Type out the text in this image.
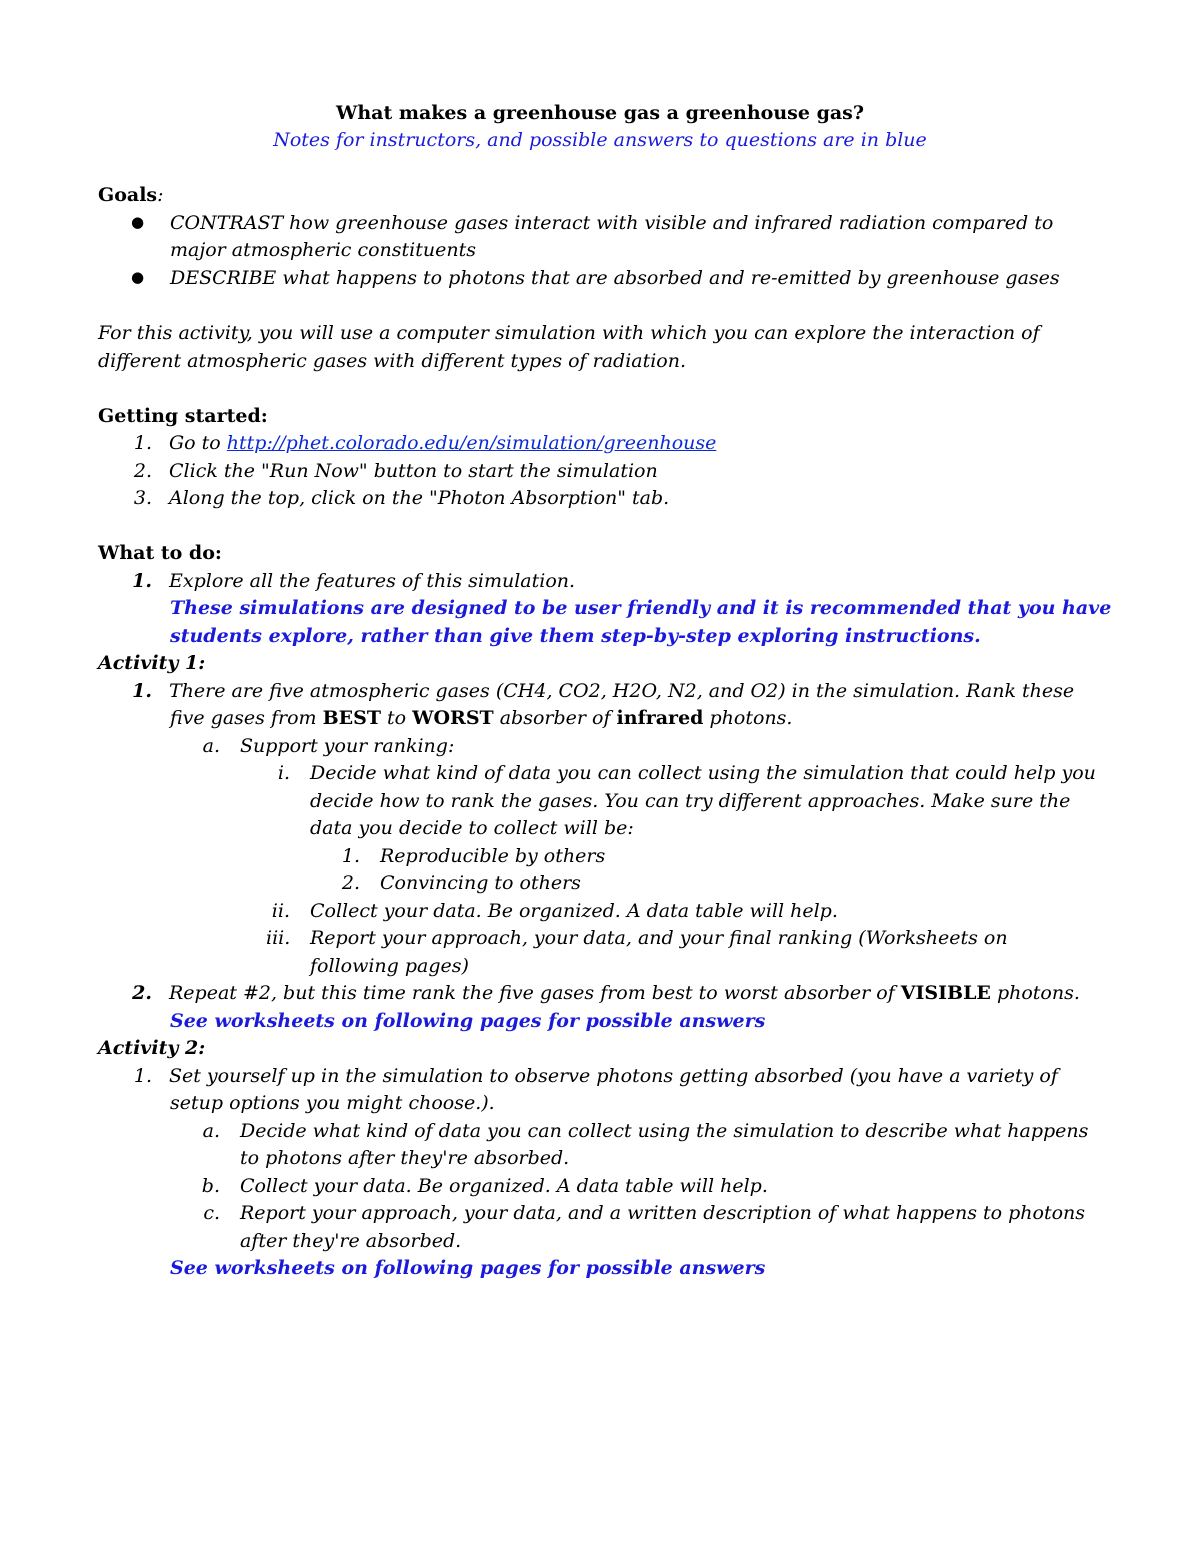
What makes a greenhouse gas a greenhouse gas?
Notes for instructors, and possible answers to questions are in blue
Goals:
● CONTRAST how greenhouse gases interact with visible and infrared radiation compared to
major atmospheric constituents
● DESCRIBE what happens to photons that are absorbed and re-emitted by greenhouse gases
For this activity, you will use a computer simulation with which you can explore the interaction of
different atmospheric gases with different types of radiation.
Getting started:
1. Go to http://phet.colorado.edu/en/simulation/greenhouse
2. Click the "Run Now" button to start the simulation
3. Along the top, click on the "Photon Absorption" tab.
What to do:
1. Explore all the features of this simulation.
These simulations are designed to be user friendly and it is recommended that you have
students explore, rather than give them step-by-step exploring instructions.
Activity 1:
1. There are five atmospheric gases (CH4, CO2, H2O, N2, and O2) in the simulation. Rank these
five gases from BEST to WORST absorber of infrared photons.
a. Support your ranking:
i. Decide what kind of data you can collect using the simulation that could help you
decide how to rank the gases. You can try different approaches. Make sure the
data you decide to collect will be:
1. Reproducible by others
2. Convincing to others
ii. Collect your data. Be organized. A data table will help.
iii. Report your approach, your data, and your final ranking (Worksheets on
following pages)
2. Repeat #2, but this time rank the five gases from best to worst absorber of VISIBLE photons.
See worksheets on following pages for possible answers
Activity 2:
1. Set yourself up in the simulation to observe photons getting absorbed (you have a variety of
setup options you might choose.).
a. Decide what kind of data you can collect using the simulation to describe what happens
to photons after they're absorbed.
b. Collect your data. Be organized. A data table will help.
c. Report your approach, your data, and a written description of what happens to photons
after they're absorbed.
See worksheets on following pages for possible answers
